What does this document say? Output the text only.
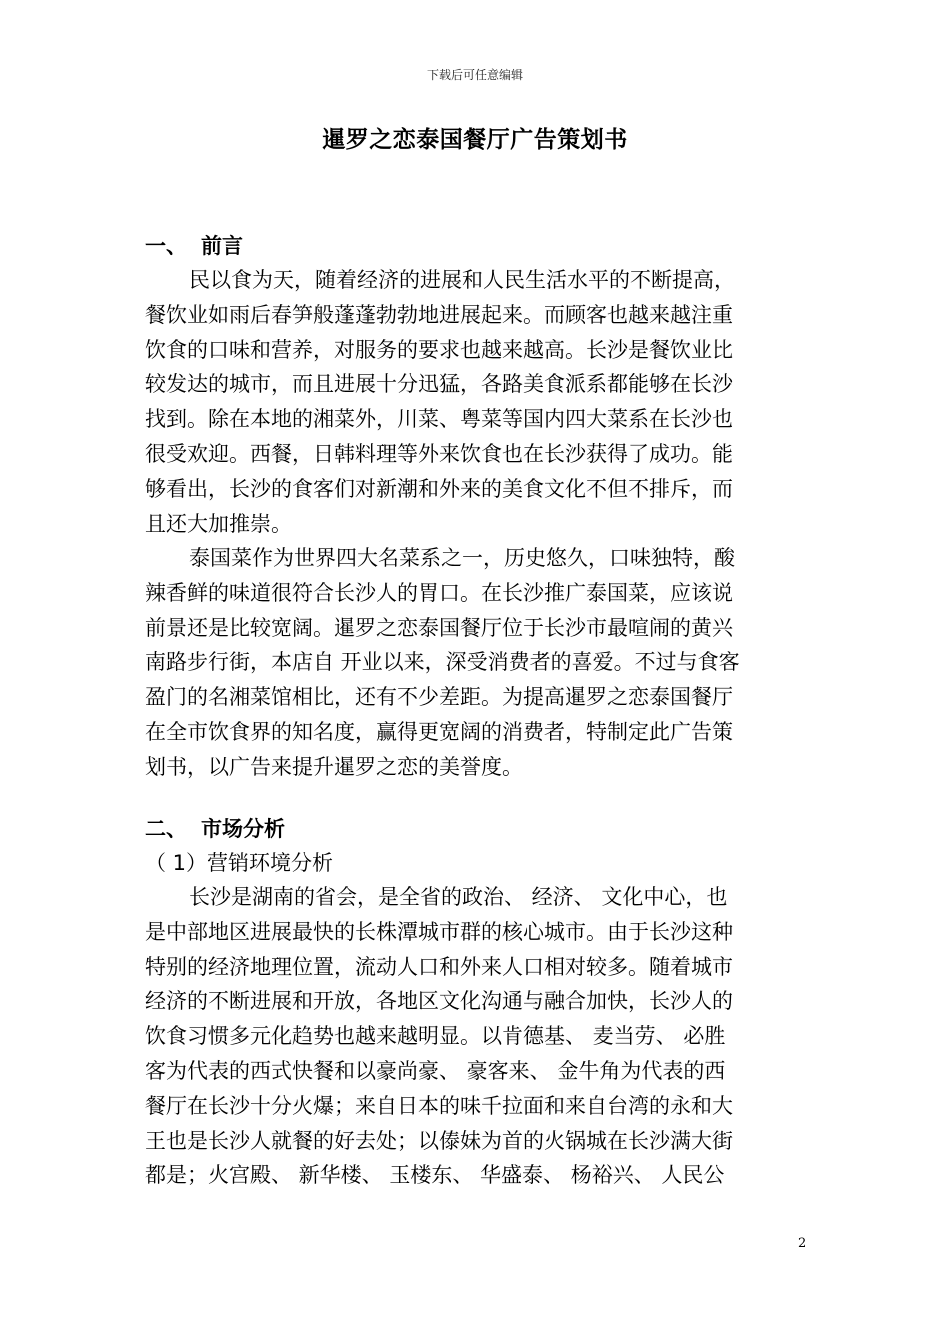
下载后可任意编辑
暹罗之恋泰国餐厅广告策划书
一、 前言
民以食为天，随着经济的进展和人民生活水平的不断提高，
餐饮业如雨后春笋般蓬蓬勃勃地进展起来。而顾客也越来越注重
饮食的口味和营养，对服务的要求也越来越高。长沙是餐饮业比
较发达的城市，而且进展十分迅猛，各路美食派系都能够在长沙
找到。除在本地的湘菜外，川菜、粤菜等国内四大菜系在长沙也
很受欢迎。西餐，日韩料理等外来饮食也在长沙获得了成功。能
够看出，长沙的食客们对新潮和外来的美食文化不但不排斥，而
且还大加推崇。
泰国菜作为世界四大名菜系之一，历史悠久，口味独特，酸
辣香鲜的味道很符合长沙人的胃口。在长沙推广泰国菜，应该说
前景还是比较宽阔。暹罗之恋泰国餐厅位于长沙市最喧闹的黄兴
南路步行街，本店自 开业以来，深受消费者的喜爱。不过与食客
盈门的名湘菜馆相比，还有不少差距。为提高暹罗之恋泰国餐厅
在全市饮食界的知名度，赢得更宽阔的消费者，特制定此广告策
划书，以广告来提升暹罗之恋的美誉度。
二、 市场分析
（ 1）营销环境分析
长沙是湖南的省会，是全省的政治、 经济、 文化中心，也
是中部地区进展最快的长株潭城市群的核心城市。由于长沙这种
特别的经济地理位置，流动人口和外来人口相对较多。随着城市
经济的不断进展和开放，各地区文化沟通与融合加快，长沙人的
饮食习惯多元化趋势也越来越明显。以肯德基、 麦当劳、 必胜
客为代表的西式快餐和以豪尚豪、 豪客来、 金牛角为代表的西
餐厅在长沙十分火爆；来自日本的味千拉面和来自台湾的永和大
王也是长沙人就餐的好去处；以傣妹为首的火锅城在长沙满大街
都是；火宫殿、 新华楼、 玉楼东、 华盛泰、 杨裕兴、 人民公
2
